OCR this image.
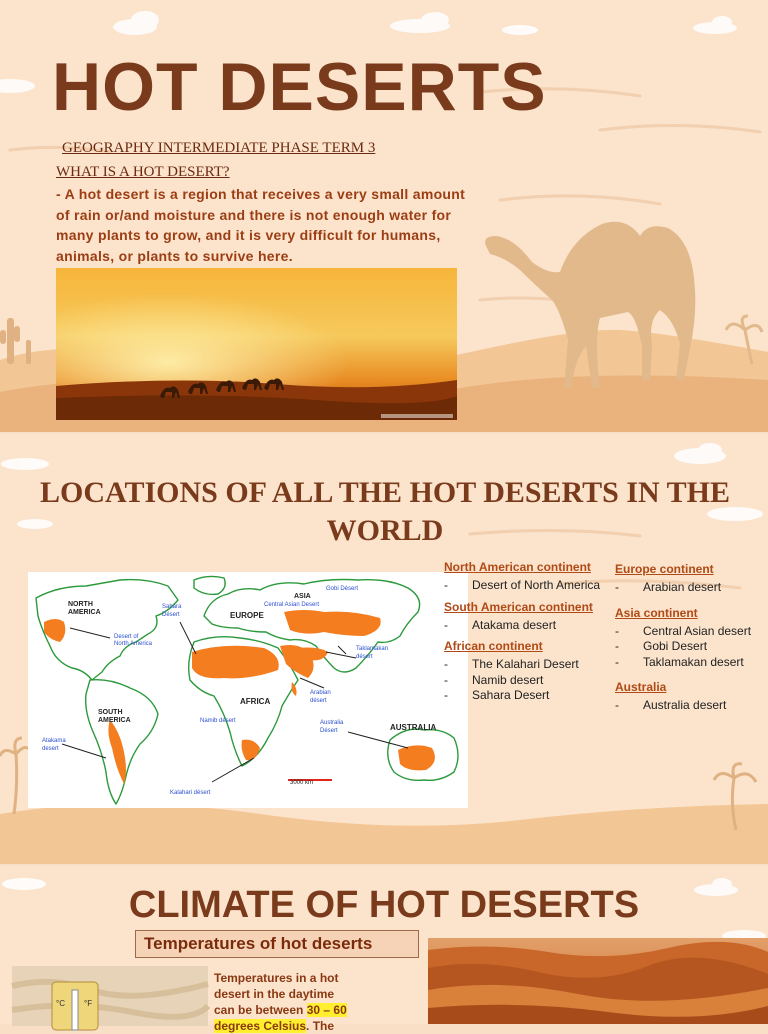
HOT DESERTS

GEOGRAPHY INTERMEDIATE PHASE TERM 3

WHAT IS A HOT DESERT?

- A hot desert is a region that receives a very small amount of rain or/and moisture and there is not enough water for many plants to grow, and it is very difficult for humans, animals, or plants to survive here.

LOCATIONS OF ALL THE HOT DESERTS IN THE WORLD
NORTH
AMERICA
SOUTH
AMERICA
EUROPE
ASIA
AFRICA
AUSTRALIA
3000 km
Sahara
Désert
Desert of
North America
Gobi Désert
Central Asian Desert
Taklamakan
désert
Arabian
désert
Namib désert	Australia
Désert
Atakama
desert
Kalahari désert

North American continent

- Desert of North America

South American continent

- Atakama desert

African continent

- The Kalahari Desert
- Namib desert
- Sahara Desert

Europe continent

- Arabian desert

Asia continent

- Central Asian desert
- Gobi Desert
- Taklamakan desert

Australia

- Australia desert
CLIMATE OF HOT DESERTS
Temperatures of hot deserts
°C °F

Temperatures in a hot desert in the daytime can be between 30 – 60 degrees Celsius. The
